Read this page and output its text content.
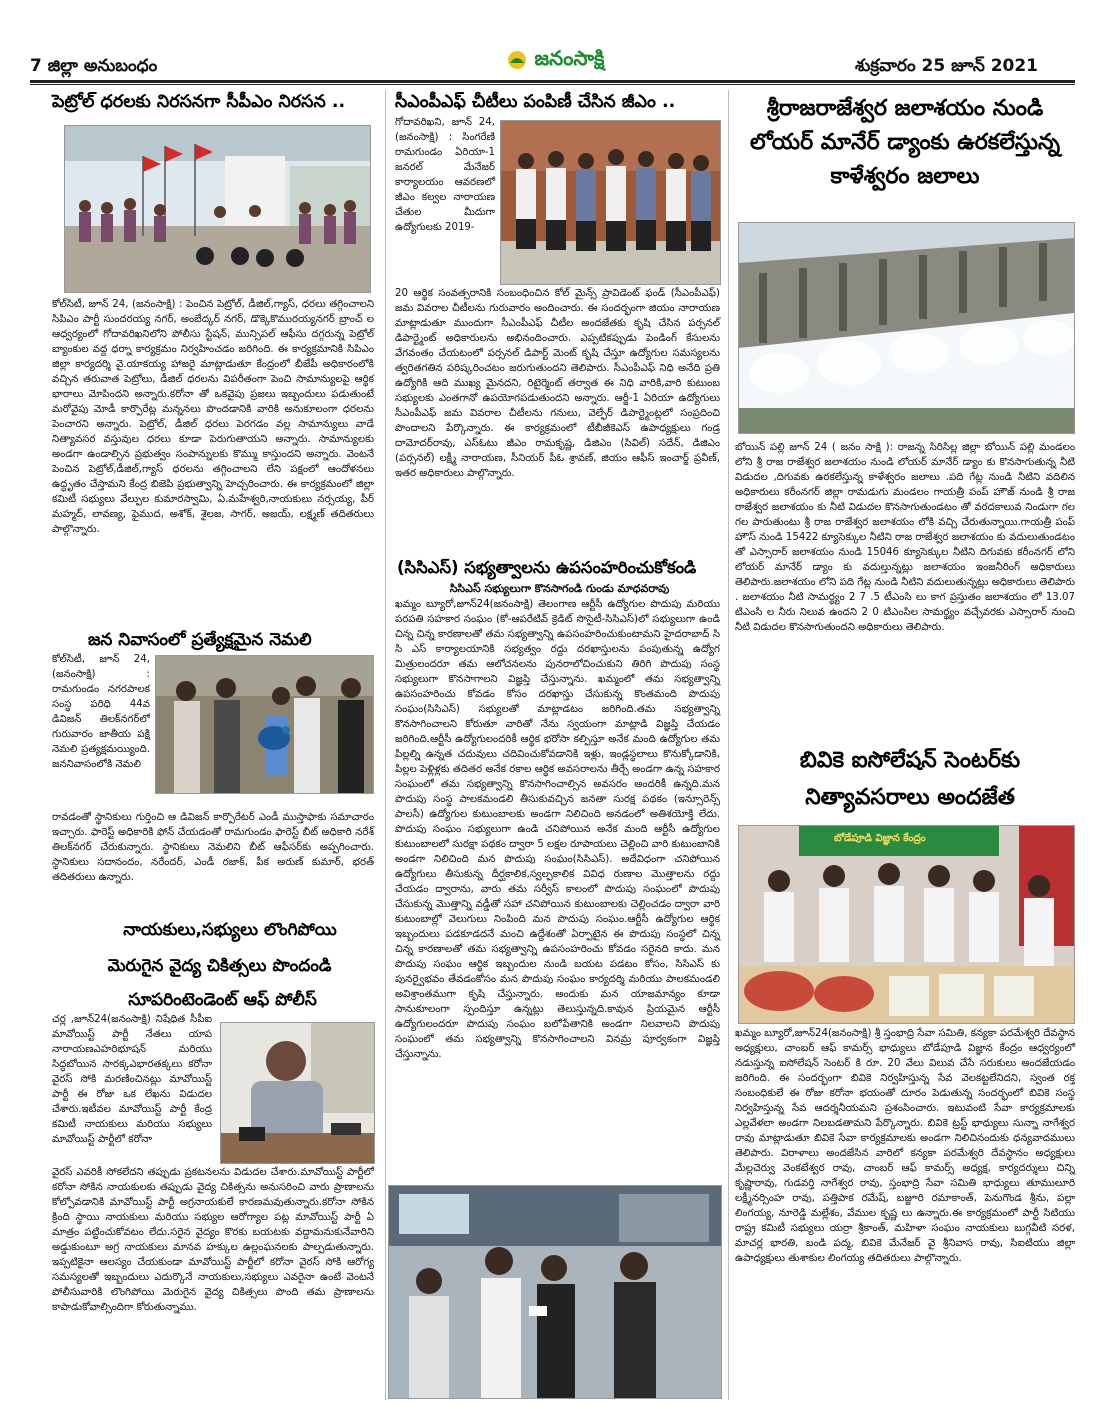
7 జిల్లా అనుబంధం	జనంసాక్షి	శుక్రవారం 25 జూన్ 2021
పెట్రోల్ ధరలకు నిరసనగా సీపీఎం నిరసన ..
కోల్‌సిటీ, జూన్ 24, (జనంసాక్షి) : పెంచిన పెట్రోల్, డీజిల్,గ్యాస్, ధరలు తగ్గించాలని సిపిఎం పార్టీ సుందరయ్య నగర్, అంబేద్కర్ నగర్, డొక్కెకొమురయ్యనగర్ బ్రాంచ్ ల ఆధ్వర్యంలో గోదావరిఖనిలోని పోలీసు స్టేషన్, మున్సిపల్ ఆఫీసు దగ్గరున్న పెట్రోల్ బ్యాంకుల వద్ద ధర్నా కార్యక్రమం నిర్వహించడం జరిగింది. ఈ కార్యక్రమానికి సిపిఎం జిల్లా కార్యదర్శి వై.యాకయ్య హాజరై మాట్లాడుతూ కేంద్రంలో బీజేపీ అధికారంలోకి వచ్చిన తరువాత పెట్రోలు, డీజిల్ ధరలను విపరీతంగా పెంచి సామాన్యులపై ఆర్థిక భారాలు మోపిందని అన్నారు.కరోనా తో ఒకవైపు ప్రజలు ఇబ్బందులు పడుతుంటే మరోవైపు మోడీ కార్పొరేట్ల మన్ననలు పొందడానికి వారికి అనుకూలంగా ధరలను పెంచారని అన్నారు. పెట్రోల్, డీజిల్ ధరలు పెరగడం వల్ల సామాన్యులు వాడే నిత్యావసర వస్తువుల ధరలు కూడా పెరుగుతాయని అన్నారు. సామాన్యులకు అండగా ఉండాల్సిన ప్రభుత్వం సంపాన్నులకు కొమ్ము కాస్తుందని అన్నారు. వెంటనే పెంచిన పెట్రోల్,డీజిల్,గ్యాస్ ధరలను తగ్గించాలని లేని పక్షంలో ఆందోళనలు ఉద్ధృతం చేస్తామని కేంద్ర బిజెపి ప్రభుత్వాన్ని హెచ్చరించారు. ఈ కార్యక్రమంలో జిల్లా కమిటీ సభ్యులు వేల్పుల కుమారస్వామి, ఏ.మహేశ్వరి,నాయకులు నర్సయ్య, పీర్ మహ్మద్, లావణ్య, ఫైముద, అశోక్, శైలజ, సాగర్, అజయ్, లక్ష్మణ్ తదితరులు పాల్గొన్నారు.
జన నివాసంలో ప్రత్యేక్షమైన నెమలి
కోల్‌సిటీ, జూన్ 24, (జనంసాక్షి) : రామగుండం నగరపాలక సంస్థ పరిధి 44వ డివిజన్ తిలక్‌నగర్‌లో గురువారం జాతీయ పక్షి నెమలి ప్రత్యక్షమయ్యింది. జననివాసంలోకి నెమలి
రావడంతో స్థానికులు గుర్తించి ఆ డివిజన్ కార్పొరేటర్ ఎండీ ముస్తాఫాకు సమాచారం ఇచ్చారు. ఫారెస్ట్ అధికారికి ఫోన్ చేయడంతో రామగుండం ఫారెస్ట్ బీట్ అధికారి నరేశ్ తిలక్‌నగర్ చేరుకున్నారు. స్థానికులు నెమలిని బీట్ ఆఫీసర్‌కు అప్పగించారు. స్థానికులు సదానందం, నరేందర్, ఎండీ రజాక్, పీక అరుణ్ కుమార్, భరత్ తదితరులు ఉన్నారు.
నాయకులు,సభ్యులు లొంగిపోయి
మెరుగైన వైద్య చికిత్సలు పొందండి
సూపరింటెండెంట్ ఆఫ్ పోలీస్
చర్ల ,జూన్24(జనంసాక్షి) నిషేధిత సీపీఐ మావోయిస్ట్ పార్టీ నేతలు యాప నారాయణఎహరిభూషన్ మరియు సిద్ధబోయిన సారక్కఎభారతక్కలు కరోనా వైరస్ సోకి మరణించినట్లు మావోయిస్ట్ పార్టీ ఈ రోజు ఒక లేఖను విడుదల చేశారు.ఇటీవల మావోయిస్ట్ పార్టీ కేంద్ర కమిటీ నాయకులు మరియు సభ్యులు మావోయిస్ట్ పార్టీలో కరోనా
వైరస్ ఎవరికీ సోకలేదని తప్పుడు ప్రకటనలను విడుదల చేశారు.మావోయిస్ట్ పార్టీలో కరోనా సోకిన నాయకులకు తప్పుడు వైద్య చికిత్సను అనుసరించి వారు ప్రాణాలను కోల్పోవడానికి మావోయిస్ట్ పార్టీ అగ్రనాయకులే కారణమవుతున్నారు.కరోనా సోకిన క్రింది స్థాయి నాయకులు మరియు సభ్యుల ఆరోగ్యాల పట్ల మావోయిస్ట్ పార్టీ ఏ మాత్రం పట్టించుకోవటం లేదు.సరైన వైద్యం కొరకు బయటకు వద్దామనుకునేవారిని అడ్డుకుంటూ అగ్ర నాయకులు మానవ హక్కుల ఉల్లంఘనలకు పాల్పడుతున్నారు. ఇప్పటికైనా ఆలస్యం చేయకుండా మావోయిస్ట్ పార్టీలో కరోనా వైరస్ సోకి ఆరోగ్య సమస్యలతో ఇబ్బందులు ఎదుర్కొనే నాయకులు,సభ్యులు ఎవరైనా ఉంటే వెంటనే పోలీసువారికి లొంగిపోయి మెరుగైన వైద్య చికిత్సలు పొంది తమ ప్రాణాలను కాపాడుకోవాల్సిందిగా కోరుతున్నాము.
సీఎంపీఎఫ్ చీటీలు పంపిణీ చేసిన జీఎం ..
గోదావరిఖని, జూన్ 24, (జనంసాక్షి) : సింగరేణి రామగుండం ఏరియా-1 జనరల్ మేనేజర్ కార్యాలయం ఆవరణలో జీఎం కల్వల నారాయణ చేతుల మీదుగా ఉద్యోగులకు 2019-
20 ఆర్థిక సంవత్సరానికి సంబంధించిన కోల్ మైన్స్ ప్రావిడెంట్ ఫండ్ (సీఎంపీఎఫ్) జమ వివరాల చీటీలను గురువారం అందించారు. ఈ సందర్భంగా జియం నారాయణ మాట్లాడుతూ ముందుగా సీఎంపీఎఫ్ చీటీల అందజేతకు కృషి చేసిన పర్సనల్ డిపార్ట్మెంట్ అధికారులను అభినందించారు. ఎప్పటికప్పుడు పెండింగ్ కేసులను వేగవంతం చేయటంలో పర్సనల్ డిపార్ట్ మెంట్ కృషి చేస్తూ ఉద్యోగుల సమస్యలను త్వరితగతిన పరిష్కరించటం జరుగుతుందని తెలిపారు. సీఎంపీఎఫ్ నిధి అనేది ప్రతి ఉద్యోగికి ఆది ముఖ్య మైనదని, రిటైర్మెంట్ తర్వాత ఈ నిధి వారికి,వారి కుటుంబ సభ్యులకు ఎంతగానో ఉపయోగపడుతుందని అన్నారు. ఆర్జీ-1 ఏరియా ఉద్యోగులు సీఎంపీఎఫ్ జమ వివరాల చీటీలను గనులు, వెల్ఫేర్ డిపార్ట్మెంట్లలో సంప్రదించి పొందాలని పేర్కొన్నారు. ఈ కార్యక్రమంలో టీబీజీకెఎస్ ఉపాధ్యక్షులు గండ్ర దామోదర్‌రావు, ఎస్ఓటు జీఎం రామకృష్ణ, డిజిఎం (సివిల్) సదేన్, డిజిఎం (పర్సనల్) లక్ష్మీ నారాయణ, సీనియర్ పీఓ శ్రావణ్, జియం ఆఫీస్ ఇంచార్జ్ ప్రవీణ్, ఇతర అధికారులు పాల్గొన్నారు.
(సిసిఎస్) సభ్యత్వాలను ఉపసంహరించుకోకండి
సిసిఎస్ సభ్యులుగా కొనసాగండి గుండు మాధవరావు
ఖమ్మం బ్యూరో,జూన్24(జనంసాక్షి) తెలంగాణ ఆర్టీసీ ఉద్యోగుల పొదుపు మరియు పరపతి సహకార సంఘం (కో-ఆపరేటివ్ క్రెడిట్ సొసైటీ-సిసిఎస్)లో సభ్యులుగా ఉండి చిన్న చిన్న కారణాలతో తమ సభ్యత్వాన్ని ఉపసంహరించుకుంటామని హైదరాబాద్ సి సి ఎస్ కార్యాలయానికి సభ్యత్వం రద్దు దరఖాస్తులను పంపుతున్న ఉద్యోగ మిత్రులందరూ తమ ఆలోచనలను పునరాలోచించుకుని తిరిగి పొదుపు సంస్థ సభ్యులుగా కొనసాగాలని విజ్ఞప్తి చేస్తున్నాను. ఖమ్మంలో తమ సభ్యత్వాన్ని ఉపసంహరించు కోవడం కోసం దరఖాస్తు చేసుకున్న కొంతమంది పొదుపు సంఘం(సిసిఎస్) సభ్యులతో మాట్లాడటం జరిగింది.తమ సభ్యత్వాన్ని కొనసాగించాలని కోరుతూ వారితో నేను స్వయంగా మాట్లాడి విజ్ఞప్తి చేయడం జరిగింది.ఆర్టీసీ ఉద్యోగులందరికీ ఆర్థిక భరోసా కల్పిస్తూ అనేక మంది ఉద్యోగుల తమ పిల్లల్ని ఉన్నత చదువులు చదివించుకోవడానికి ఇళ్లు, ఇండ్లస్థలాలు కొనుక్కోడానికి, పిల్లల పెళ్లిళ్లకు తదితర అనేక రకాల ఆర్థిక అవసరాలను తీర్చే అండగా ఉన్న సహకార సంఘంలో తమ సభ్యత్వాన్ని కొనసాగించాల్సిన అవసరం అందరికీ ఉన్నది.మన పొదుపు సంస్థ పాలకమండలి తీసుకువచ్చిన జనతా సురక్ష పథకం (ఇన్సూరెన్స్ పాలసీ) ఉద్యోగుల కుటుంబాలకు అండగా నిలిచింది అనడంలో అతిశయోక్తి లేదు. పొదుపు సంఘం సభ్యులుగా ఉండి చనిపోయిన అనేక మంది ఆర్టీసీ ఉద్యోగుల కుటుంబాలలో సురక్షా పథకం ద్వారా 5 లక్షల రూపాయలు చెల్లించి వారి కుటుంబానికి అండగా నిలిచింది మన పొదుపు సంఘం(సిసిఎస్). అదేవిధంగా చనిపోయిన ఉద్యోగులు తీసుకున్న దీర్ఘకాలిక,స్వల్పకాలిక వివిధ రుణాల మొత్తాలను రద్దు చేయడం ద్వారాను, వారు తమ సర్వీస్ కాలంలో పొదుపు సంఘంలో పొదుపు చేసుకున్న మొత్తాన్ని వడ్డీతో సహా చనిపోయిన కుటుంబాలకు చెల్లించడం ద్వారా వారి కుటుంబాల్లో వెలుగులు నింపింది మన పొదుపు సంఘం.ఆర్టీసీ ఉద్యోగుల ఆర్థిక ఇబ్బందులు పడకూడదనే మంచి ఉద్దేశంతో ఏర్పాటైన ఈ పొదుపు సంస్థలో చిన్న చిన్న కారణాలతో తమ సభ్యత్వాన్ని ఉపసంహరించు కోవడం సరైనది కాదు. మన పొదుపు సంఘం ఆర్థిక ఇబ్బందుల నుండి బయట పడటం కోసం, సిసిఎస్ కు పునర్వైభవం తేవడంకోసం మన పొదుపు సంఘం కార్యదర్శి మరియు పాలకమండలి అవిశ్రాంతముగా కృషి చేస్తున్నారు. అందుకు మన యాజమాన్యం కూడా సానుకూలంగా స్పందిస్తూ ఉన్నట్లు తెలుస్తున్నది.కావున ప్రియమైన ఆర్టీసీ ఉద్యోగులందరూ పొదుపు సంఘం బలోపేతానికి అండగా నిలవాలని పొదుపు సంఘంలో తమ సభ్యత్వాన్ని కొనసాగించాలని వినమ్ర పూర్వకంగా విజ్ఞప్తి చేస్తున్నాను.
శ్రీరాజరాజేశ్వర జలాశయం నుండి లోయర్ మానేర్ డ్యాంకు ఉరకలేస్తున్న కాళేశ్వరం జలాలు
బోయిన్ పల్లి జూన్ 24 ( జనం సాక్షి ): రాజన్న సిరిసిల్ల జిల్లా బోయిన్ పల్లి మండలం లోని శ్రీ రాజ రాజేశ్వర జలాశయం నుండి లోయర్ మానేర్ డ్యాం కు కొనసాగుతున్న నీటి విడుదల ,దిగువకు ఉరకలేస్తున్న కాళేశ్వరం జలాలు .పది గేట్ల నుండి నీటిని వదిలిన అధికారులు కరీంనగర్ జిల్లా రామడుగు మండలం గాయత్రీ పంప్ హౌజ్ నుండి శ్రీ రాజ రాజేశ్వర జలాశయం కు నీటి విడుదల కొనసాగుతుండటం తో వరదకాలువ నిండుగా గల గల పారుతుంటు శ్రీ రాజ రాజేశ్వర జలాశయం లోకి వచ్చి చేరుతున్నాయి.గాయత్రీ పంప్ హౌస్ నుండి 15422 క్యూసెక్కుల నీటిని రాజ రాజేశ్వర జలాశయం కు వదులుతుండటం తో ఎస్సారార్ జలాశయం నుండి 15046 క్యూసెక్కుల నీటిని దిగువకు కరీంనగర్ లోని లోయర్ మానేర్ డ్యాం కు వదుల్తున్నట్లు జలాశయం ఇంజనీరింగ్ అధికారులు తెలిపారు.జలాశయం లోని పది గేట్ల నుండి నీటిని వదులుతున్నట్లు అధికారులు తెలిపారు . జలాశయం నీటి సామర్థ్యం 2 7 .5 టీఎంసి లు కాగ ప్రస్తుతం జలాశయం లో 13.07 టిఎంసి ల నీరు నిలువ ఉందని 2 0 టిఎంసిల సామర్థ్యం వచ్చేవరకు ఎస్సారార్ నుంచి నీటి విడుదల కొనసాగుతుందని అధికారులు తెలిపారు.
బివికె ఐసోలేషన్ సెంటర్‌కు నిత్యావసరాలు అందజేత
బోడేపూడి విజ్ఞాన కేంద్రం
ఖమ్మం బ్యూరో,జూన్24(జనంసాక్షి) శ్రీ స్తంభాద్రి సేవా సమితి, కన్యకా పరమేశ్వరి దేవస్థాన అధ్యక్షులు, చాంబర్ ఆఫ్ కామర్స్ భాధ్యులు బోడేపూడి విజ్ఞాన కేంద్రం ఆధ్వర్యంలో నడుస్తున్న ఐసోలేషన్ సెంటర్ కి రూ. 20 వేలు విలువ చేసే సరుకులు అందజేయడం జరిగింది. ఈ సందర్భంగా బివికె నిర్వహిస్తున్న సేవ వెలకట్టలేనిదని, స్వంత రక్త సంబంధికులే ఈ రోజు కరోనా భయంతో దూరం పెడుతున్న సందర్భంలో బివికె సంస్థ నిర్వహిస్తున్న సేవ ఆదర్శనీయమని ప్రశంసించారు. ఇటువంటి సేవా కార్యక్రమాలకు ఎల్లవేళలా అండగా నిలబడతామని పేర్కొన్నారు. బివికె ట్రస్ట్ భాధ్యులు సున్నా నాగేశ్వర రావు మాట్లాడుతూ బివికె సేవా కార్యక్రమాలకు అండగా నిలిచినందుకు ధన్యవాదములు తెలిపారు. విరాళాలు అందజేసిన వారిలో కన్యకా పరమేశ్వరి దేవస్థానం అధ్యక్షులు మేల్లచెర్వు వెంకటేశ్వర రావు, చాంబర్ ఆఫ్ కామర్స్ అధ్యక్ష, కార్యదర్శులు చిన్ని కృష్ణారావు, గుడవర్తి నాగేశ్వర రావు, స్తంభాద్రి సేవా సమితి భాధ్యులు తూములూరి లక్ష్మీనర్సింహ రావు, పత్తిపాక రమేష్, బజ్జూరి రమాకాంత్, పెనుగొండ శ్రీను, పల్లా లింగయ్య, నూరెడ్డి మల్లేశం, వేముల కృష్ణ లు ఉన్నారు.ఈ కార్యక్రమంలో పార్టీ సిటియు రాష్ట్ర కమిటీ సభ్యులు యర్రా శ్రీకాంత్, మహిళా సంఘం నాయకులు బుగ్గవీటి సరళ, మాచర్ల భారతి, బండి పద్మ, బివికె మేనేజర్ వై శ్రీనివాస రావు, సిఐటియు జిల్లా ఉపాధ్యక్షులు తుశాకుల లింగయ్య తదితరులు పాల్గొన్నారు.
